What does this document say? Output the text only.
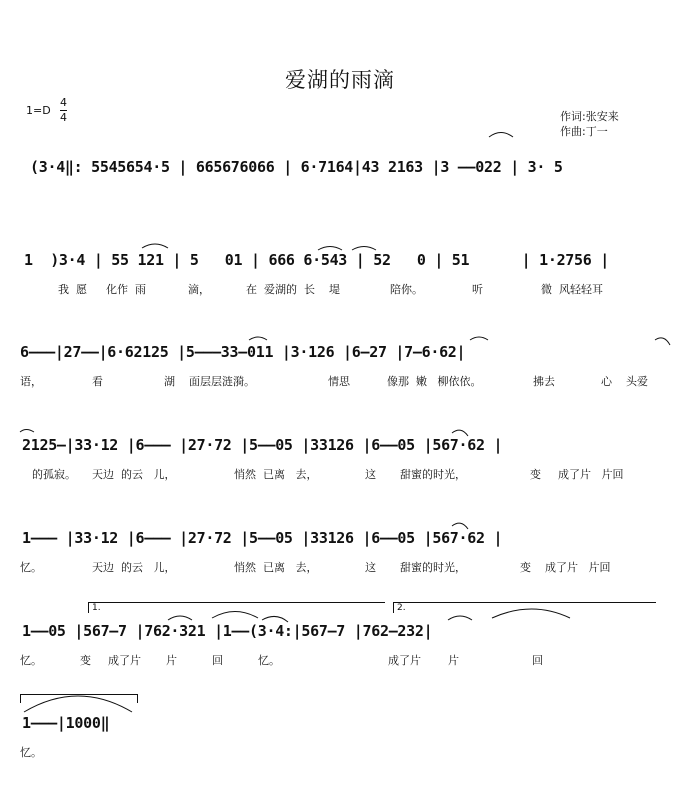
爱湖的雨滴
1=D
4
4	作词:张安来
作曲:丁一
(3·4‖: 5545654·5 | 665676066 | 6·7164|43 2163 |3 ––022 | 3· 5
1  )3·4 | 55 121 | 5   01 | 666 6·543 | 52   0 | 51      | 1·2756 |
我  愿 化作  雨	滴，	在  爱湖的  长    堤	陪你。	听	微  风轻轻耳
6–––|27––|6·62125 |5–––33–011 |3·126 |6–27 |7–6·62|
语，	看	湖    面层层涟漪。	情思	像那  嫩   柳依依。	拂去	心    头爱
2125–|33·12 |6––– |27·72 |5––05 |33126 |6––05 |567·62 |
的孤寂。 天边  的云   儿，	悄然  已离   去，	这 甜蜜的时光，	变 成了片   片回
1––– |33·12 |6––– |27·72 |5––05 |33126 |6––05 |567·62 |
忆。	天边  的云   儿，	悄然  已离   去，	这 甜蜜的时光，	变 成了片   片回
1.	2.
1––05 |567–7 |762·321 |1––(3·4:|567–7 |762–232|
忆。	变 成了片 片	回	忆。	成了片 片	回
1–––|1000‖
忆。
